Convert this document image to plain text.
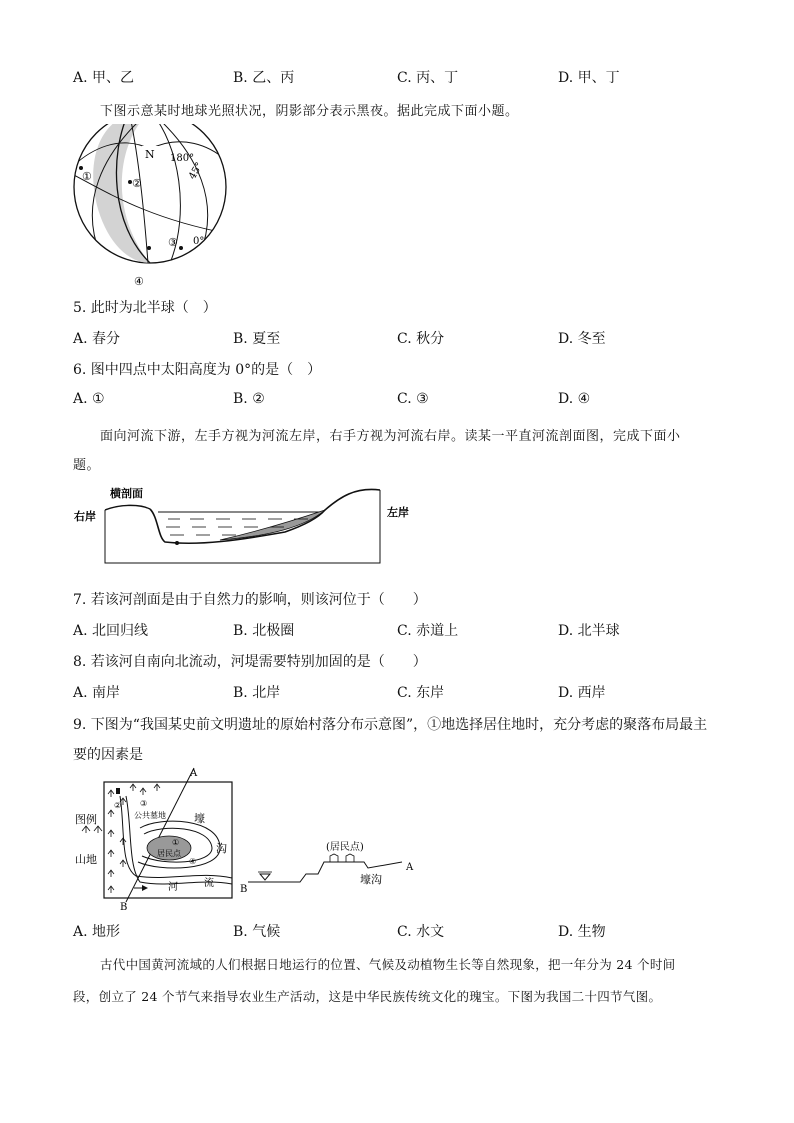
A. 甲、乙	B. 乙、丙	C. 丙、丁	D. 甲、丁
下图示意某时地球光照状况，阴影部分表示黑夜。据此完成下面小题。
N 180°
45°
0°
①
②
③
④
5. 此时为北半球（　）
A. 春分	B. 夏至	C. 秋分	D. 冬至
6. 图中四点中太阳高度为 0°的是（　）
A. ①	B. ②	C. ③	D. ④
面向河流下游，左手方视为河流左岸，右手方视为河流右岸。读某一平直河流剖面图，完成下面小
题。
横剖面
右岸	左岸
7. 若该河剖面是由于自然力的影响，则该河位于（　　）
A. 北回归线	B. 北极圈	C. 赤道上	D. 北半球
8. 若该河自南向北流动，河堤需要特别加固的是（　　）
A. 南岸	B. 北岸	C. 东岸	D. 西岸
9. 下图为“我国某史前文明遗址的原始村落分布示意图”，①地选择居住地时，充分考虑的聚落布局最主
要的因素是
图例
山地
A
B
② ③
公共墓地	壕
沟
①
居民点
④
河	流
(居民点)
壕沟
B
A
A. 地形	B. 气候	C. 水文	D. 生物
古代中国黄河流域的人们根据日地运行的位置、气候及动植物生长等自然现象，把一年分为 24 个时间
段，创立了 24 个节气来指导农业生产活动，这是中华民族传统文化的瑰宝。下图为我国二十四节气图。
